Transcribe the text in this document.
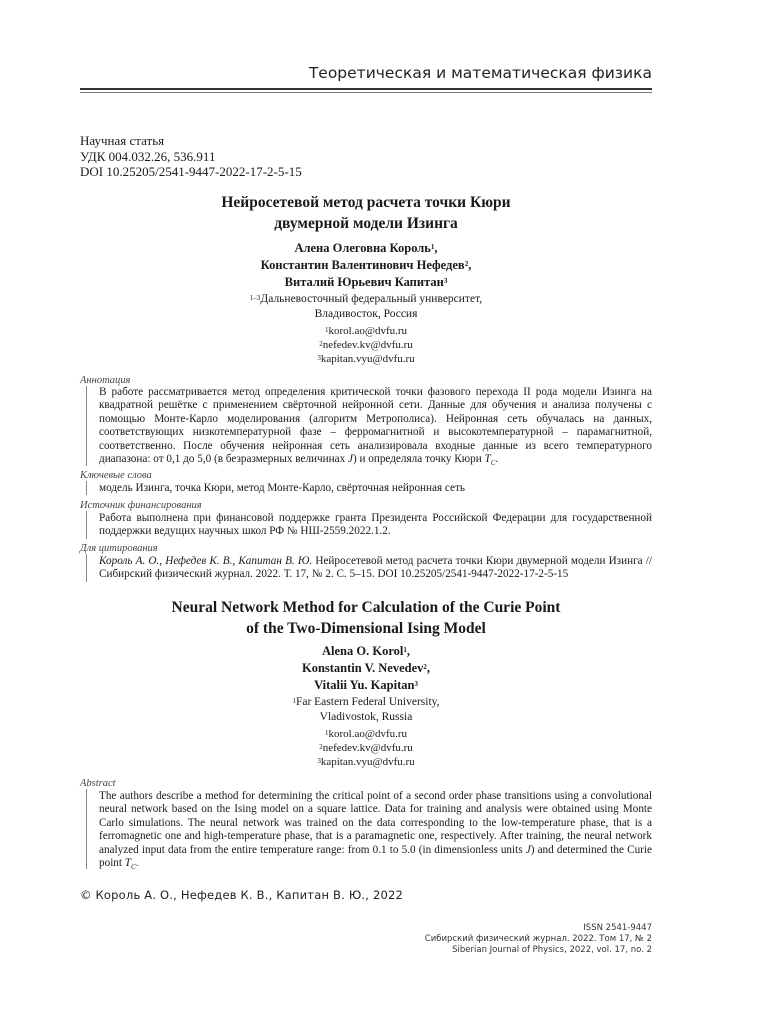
Теоретическая и математическая физика
Научная статья
УДК 004.032.26, 536.911
DOI 10.25205/2541-9447-2022-17-2-5-15
Нейросетевой метод расчета точки Кюри
двумерной модели Изинга
Алена Олеговна Король$^1$,
Константин Валентинович Нефедев$^2$,
Виталий Юрьевич Капитан$^3$
$^{1-3}$Дальневосточный федеральный университет,
Владивосток, Россия
$^1$korol.ao@dvfu.ru
$^2$nefedev.kv@dvfu.ru
$^3$kapitan.vyu@dvfu.ru
Аннотация
В работе рассматривается метод определения критической точки фазового перехода II рода модели Изинга на квадратной решётке с применением свёрточной нейронной сети. Данные для обучения и анализа получены с помощью Монте-Карло моделирования (алгоритм Метрополиса). Нейронная сеть обучалась на данных, соответствующих низкотемпературной фазе – ферромагнитной и высокотемпературной – парамагнитной, соответственно. После обучения нейронная сеть анализировала входные данные из всего температурного диапазона: от 0,1 до 5,0 (в безразмерных величинах J) и определяла точку Кюри $T_C$.
Ключевые слова
модель Изинга, точка Кюри, метод Монте-Карло, свёрточная нейронная сеть
Источник финансирования
Работа выполнена при финансовой поддержке гранта Президента Российской Федерации для государственной поддержки ведущих научных школ РФ № НШ-2559.2022.1.2.
Для цитирования
Король А. О., Нефедев К. В., Капитан В. Ю. Нейросетевой метод расчета точки Кюри двумерной модели Изинга // Сибирский физический журнал. 2022. Т. 17, № 2. С. 5–15. DOI 10.25205/2541-9447-2022-17-2-5-15
Neural Network Method for Calculation of the Curie Point
of the Two-Dimensional Ising Model
Alena O. Korol$^1$,
Konstantin V. Nevedev$^2$,
Vitalii Yu. Kapitan$^3$
$^1$Far Eastern Federal University,
Vladivostok, Russia
$^1$korol.ao@dvfu.ru
$^2$nefedev.kv@dvfu.ru
$^3$kapitan.vyu@dvfu.ru
Abstract
The authors describe a method for determining the critical point of a second order phase transitions using a convolutional neural network based on the Ising model on a square lattice. Data for training and analysis were obtained using Monte Carlo simulations. The neural network was trained on the data corresponding to the low-temperature phase, that is a ferromagnetic one and high-temperature phase, that is a paramagnetic one, respectively. After training, the neural network analyzed input data from the entire temperature range: from 0.1 to 5.0 (in dimensionless units J) and determined the Curie point $T_C$.
© Король А. О., Нефедев К. В., Капитан В. Ю., 2022
ISSN 2541-9447
Сибирский физический журнал. 2022. Том 17, № 2
Siberian Journal of Physics, 2022, vol. 17, no. 2
